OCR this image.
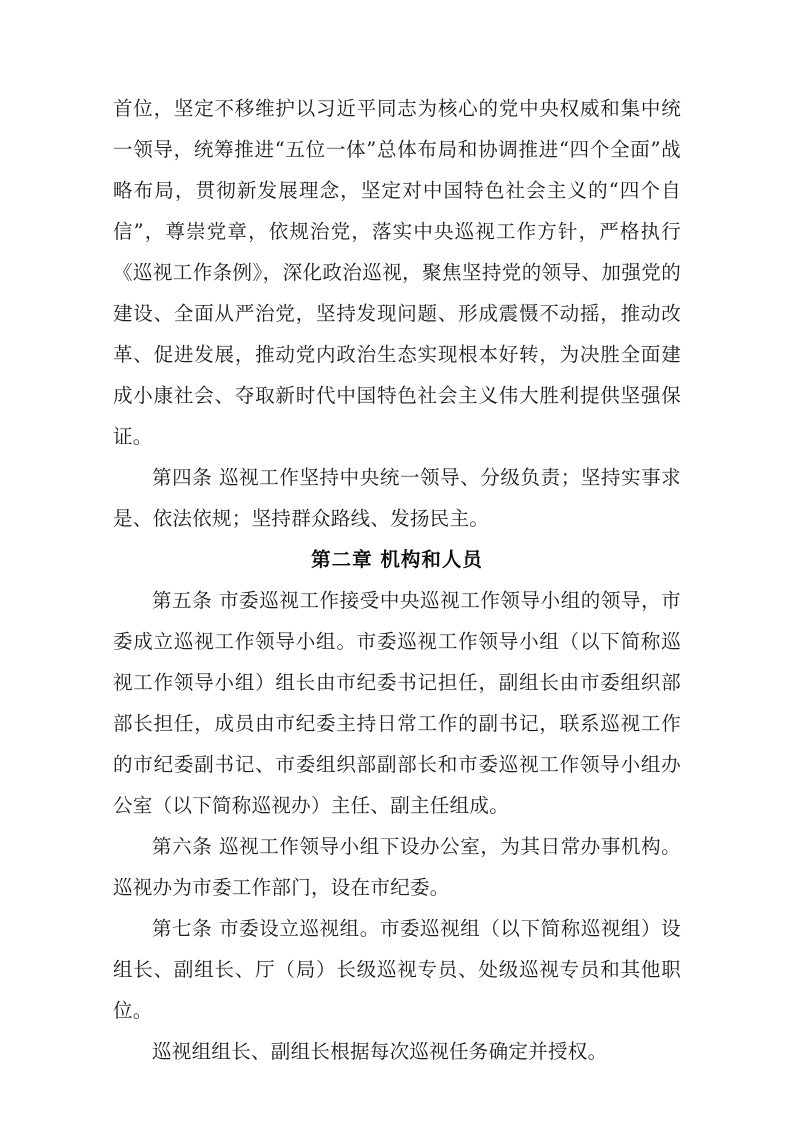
首位，坚定不移维护以习近平同志为核心的党中央权威和集中统一领导，统筹推进“五位一体”总体布局和协调推进“四个全面”战略布局，贯彻新发展理念，坚定对中国特色社会主义的“四个自信”，尊崇党章，依规治党，落实中央巡视工作方针，严格执行《巡视工作条例》，深化政治巡视，聚焦坚持党的领导、加强党的建设、全面从严治党，坚持发现问题、形成震慑不动摇，推动改革、促进发展，推动党内政治生态实现根本好转，为决胜全面建成小康社会、夺取新时代中国特色社会主义伟大胜利提供坚强保证。

第四条 巡视工作坚持中央统一领导、分级负责；坚持实事求是、依法依规；坚持群众路线、发扬民主。

第二章 机构和人员

第五条 市委巡视工作接受中央巡视工作领导小组的领导，市委成立巡视工作领导小组。市委巡视工作领导小组（以下简称巡视工作领导小组）组长由市纪委书记担任，副组长由市委组织部部长担任，成员由市纪委主持日常工作的副书记，联系巡视工作的市纪委副书记、市委组织部副部长和市委巡视工作领导小组办公室（以下简称巡视办）主任、副主任组成。

第六条 巡视工作领导小组下设办公室，为其日常办事机构。巡视办为市委工作部门，设在市纪委。

第七条 市委设立巡视组。市委巡视组（以下简称巡视组）设组长、副组长、厅（局）长级巡视专员、处级巡视专员和其他职位。

巡视组组长、副组长根据每次巡视任务确定并授权。
